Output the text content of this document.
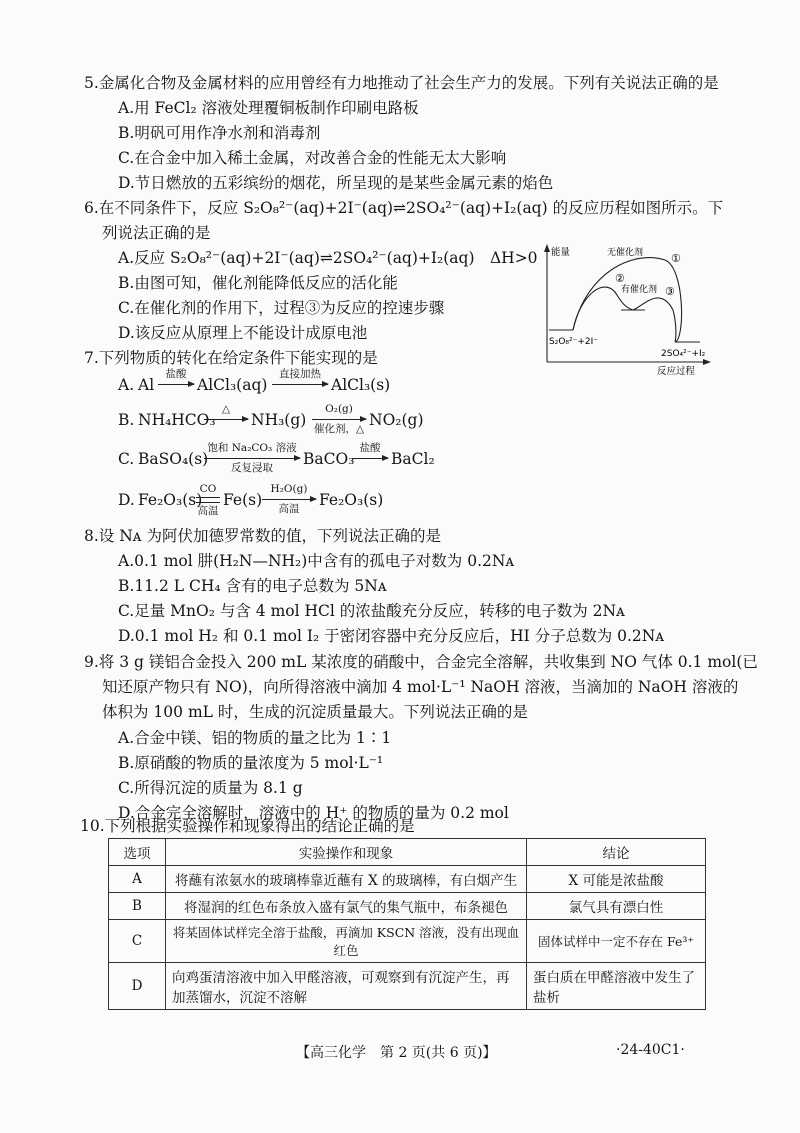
5.金属化合物及金属材料的应用曾经有力地推动了社会生产力的发展。下列有关说法正确的是
A.用 FeCl₂ 溶液处理覆铜板制作印刷电路板
B.明矾可用作净水剂和消毒剂
C.在合金中加入稀土金属，对改善合金的性能无太大影响
D.节日燃放的五彩缤纷的烟花，所呈现的是某些金属元素的焰色
6.在不同条件下，反应 S₂O₈²⁻(aq)+2I⁻(aq)⇌2SO₄²⁻(aq)+I₂(aq) 的反应历程如图所示。下
列说法正确的是
A.反应 S₂O₈²⁻(aq)+2I⁻(aq)⇌2SO₄²⁻(aq)+I₂(aq)　ΔH>0
B.由图可知，催化剂能降低反应的活化能
C.在催化剂的作用下，过程③为反应的控速步骤
D.该反应从原理上不能设计成原电池
能量
反应过程
无催化剂
有催化剂
①
②
③
S₂O₈²⁻+2I⁻
2SO₄²⁻+I₂
7.下列物质的转化在给定条件下能实现的是
A. Al
盐酸
AlCl₃(aq)
直接加热
AlCl₃(s)
B. NH₄HCO₃
△
NH₃(g)
O₂(g)
催化剂，△ NO₂(g)
C. BaSO₄(s)
饱和 Na₂CO₃ 溶液
反复浸取	BaCO₃
盐酸
BaCl₂
D. Fe₂O₃(s)
CO
高温
Fe(s)
H₂O(g)
高温	Fe₂O₃(s)
8.设 Nᴀ 为阿伏加德罗常数的值，下列说法正确的是
A.0.1 mol 肼(H₂N—NH₂)中含有的孤电子对数为 0.2Nᴀ
B.11.2 L CH₄ 含有的电子总数为 5Nᴀ
C.足量 MnO₂ 与含 4 mol HCl 的浓盐酸充分反应，转移的电子数为 2Nᴀ
D.0.1 mol H₂ 和 0.1 mol I₂ 于密闭容器中充分反应后，HI 分子总数为 0.2Nᴀ
9.将 3 g 镁铝合金投入 200 mL 某浓度的硝酸中，合金完全溶解，共收集到 NO 气体 0.1 mol(已
知还原产物只有 NO)，向所得溶液中滴加 4 mol·L⁻¹ NaOH 溶液，当滴加的 NaOH 溶液的
体积为 100 mL 时，生成的沉淀质量最大。下列说法正确的是
A.合金中镁、铝的物质的量之比为 1∶1
B.原硝酸的物质的量浓度为 5 mol·L⁻¹
C.所得沉淀的质量为 8.1 g
D.合金完全溶解时，溶液中的 H⁺ 的物质的量为 0.2 mol
10.下列根据实验操作和现象得出的结论正确的是
选项	实验操作和现象	结论
A	将蘸有浓氨水的玻璃棒靠近蘸有 X 的玻璃棒，有白烟产生	X 可能是浓盐酸
B	将湿润的红色布条放入盛有氯气的集气瓶中，布条褪色	氯气具有漂白性
C	将某固体试样完全溶于盐酸，再滴加 KSCN 溶液，没有出现血红色	固体试样中一定不存在 Fe³⁺
D	向鸡蛋清溶液中加入甲醛溶液，可观察到有沉淀产生，再加蒸馏水，沉淀不溶解	蛋白质在甲醛溶液中发生了盐析
【高三化学　第 2 页(共 6 页)】	·24-40C1·
